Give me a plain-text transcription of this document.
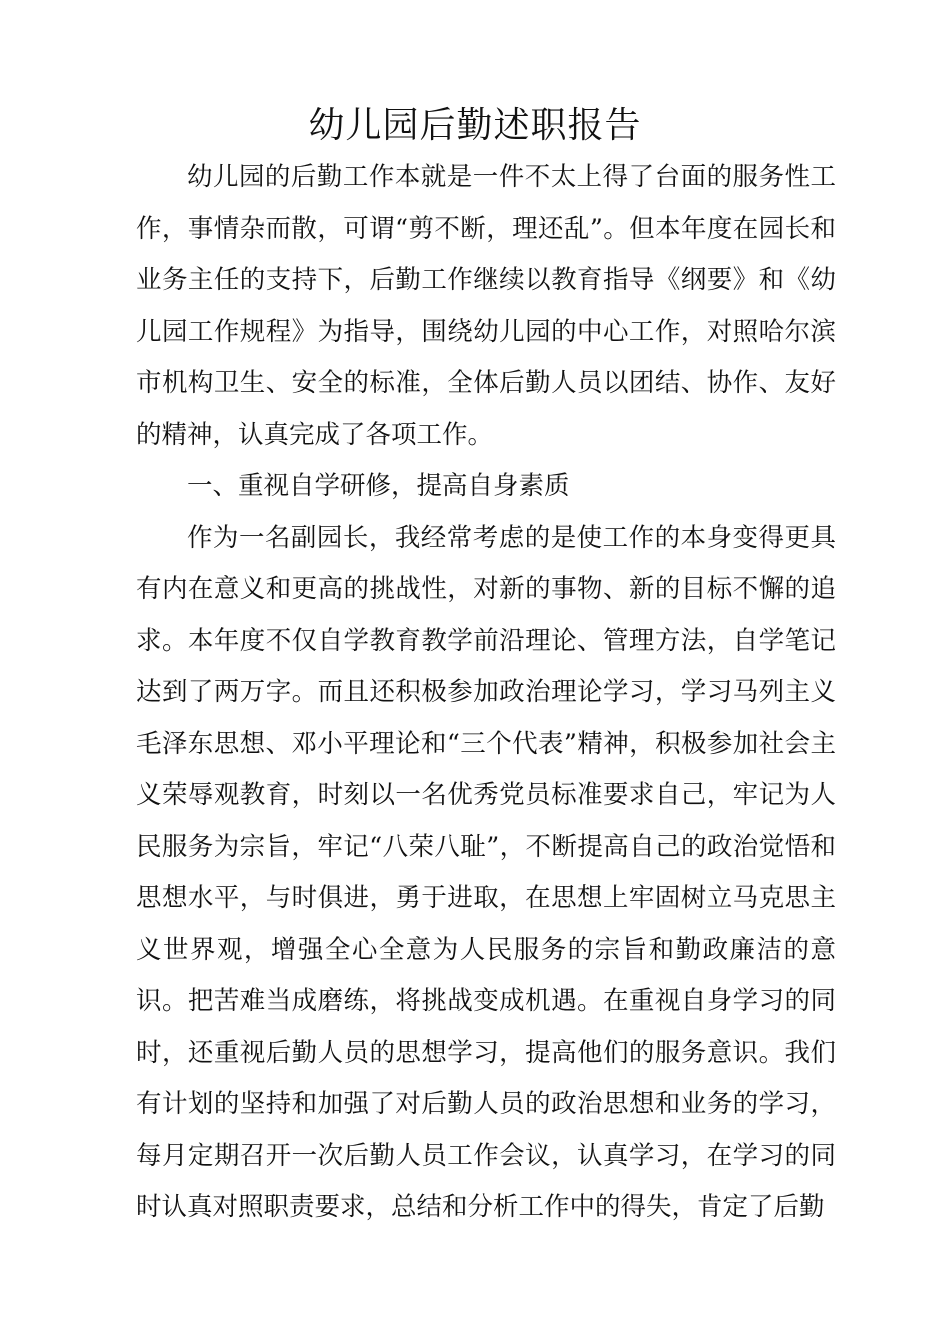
幼儿园后勤述职报告

幼儿园的后勤工作本就是一件不太上得了台面的服务性工作，事情杂而散，可谓“剪不断，理还乱”。但本年度在园长和业务主任的支持下，后勤工作继续以教育指导《纲要》和《幼儿园工作规程》为指导，围绕幼儿园的中心工作，对照哈尔滨市机构卫生、安全的标准，全体后勤人员以团结、协作、友好的精神，认真完成了各项工作。

一、重视自学研修，提高自身素质

作为一名副园长，我经常考虑的是使工作的本身变得更具有内在意义和更高的挑战性，对新的事物、新的目标不懈的追求。本年度不仅自学教育教学前沿理论、管理方法，自学笔记达到了两万字。而且还积极参加政治理论学习，学习马列主义毛泽东思想、邓小平理论和“三个代表”精神，积极参加社会主义荣辱观教育，时刻以一名优秀党员标准要求自己，牢记为人民服务为宗旨，牢记“八荣八耻”，不断提高自己的政治觉悟和思想水平，与时俱进，勇于进取，在思想上牢固树立马克思主义世界观，增强全心全意为人民服务的宗旨和勤政廉洁的意识。把苦难当成磨练，将挑战变成机遇。在重视自身学习的同时，还重视后勤人员的思想学习，提高他们的服务意识。我们有计划的坚持和加强了对后勤人员的政治思想和业务的学习，每月定期召开一次后勤人员工作会议，认真学习，在学习的同时认真对照职责要求，总结和分析工作中的得失，肯定了后勤
